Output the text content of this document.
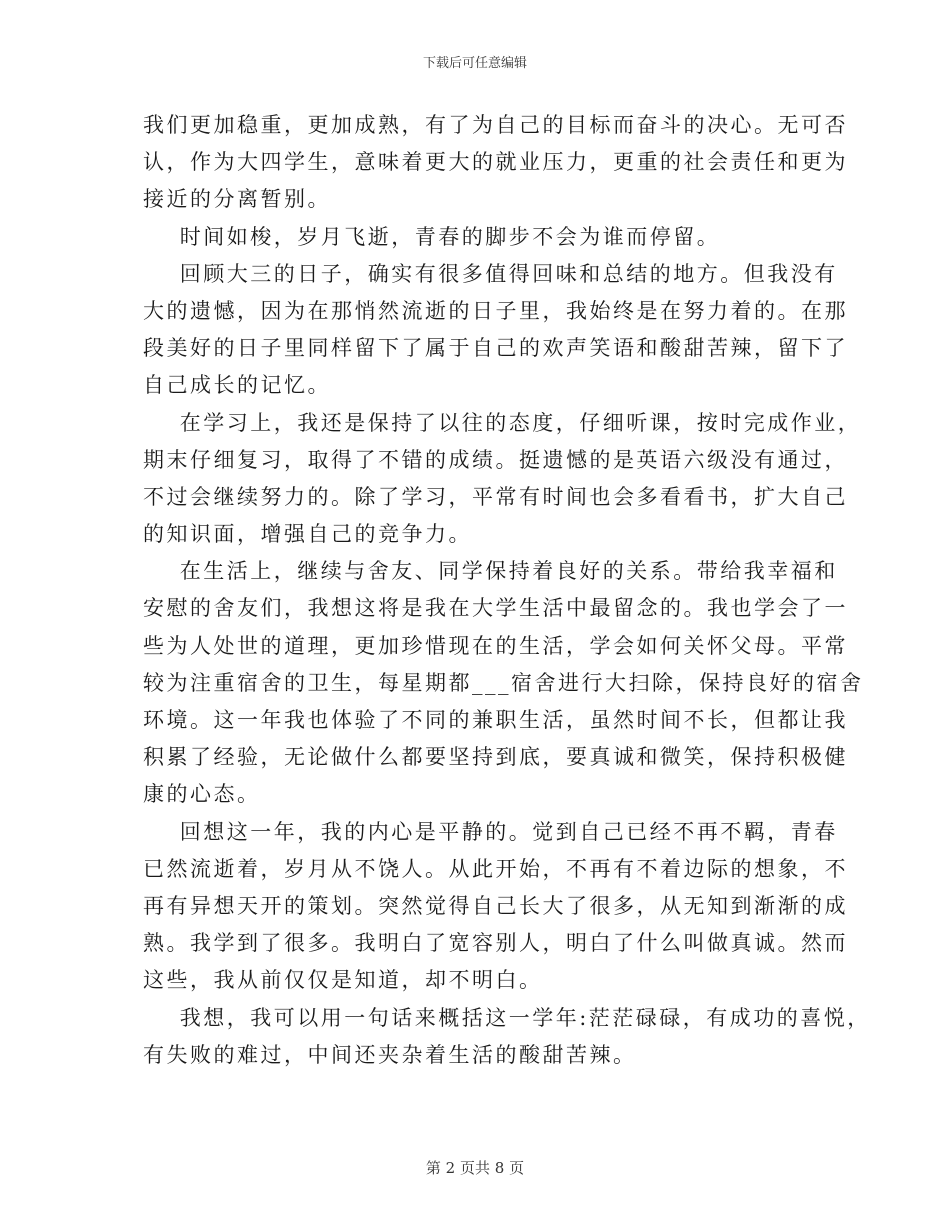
下载后可任意编辑
我们更加稳重，更加成熟，有了为自己的目标而奋斗的决心。无可否
认，作为大四学生，意味着更大的就业压力，更重的社会责任和更为
接近的分离暂别。
时间如梭，岁月飞逝，青春的脚步不会为谁而停留。
回顾大三的日子，确实有很多值得回味和总结的地方。但我没有
大的遗憾，因为在那悄然流逝的日子里，我始终是在努力着的。在那
段美好的日子里同样留下了属于自己的欢声笑语和酸甜苦辣，留下了
自己成长的记忆。
在学习上，我还是保持了以往的态度，仔细听课，按时完成作业，
期末仔细复习，取得了不错的成绩。挺遗憾的是英语六级没有通过，
不过会继续努力的。除了学习，平常有时间也会多看看书，扩大自己
的知识面，增强自己的竞争力。
在生活上，继续与舍友、同学保持着良好的关系。带给我幸福和
安慰的舍友们，我想这将是我在大学生活中最留念的。我也学会了一
些为人处世的道理，更加珍惜现在的生活，学会如何关怀父母。平常
较为注重宿舍的卫生，每星期都___宿舍进行大扫除，保持良好的宿舍
环境。这一年我也体验了不同的兼职生活，虽然时间不长，但都让我
积累了经验，无论做什么都要坚持到底，要真诚和微笑，保持积极健
康的心态。
回想这一年，我的内心是平静的。觉到自己已经不再不羁，青春
已然流逝着，岁月从不饶人。从此开始，不再有不着边际的想象，不
再有异想天开的策划。突然觉得自己长大了很多，从无知到渐渐的成
熟。我学到了很多。我明白了宽容别人，明白了什么叫做真诚。然而
这些，我从前仅仅是知道，却不明白。
我想，我可以用一句话来概括这一学年:茫茫碌碌，有成功的喜悦，
有失败的难过，中间还夹杂着生活的酸甜苦辣。
第 2 页共 8 页
